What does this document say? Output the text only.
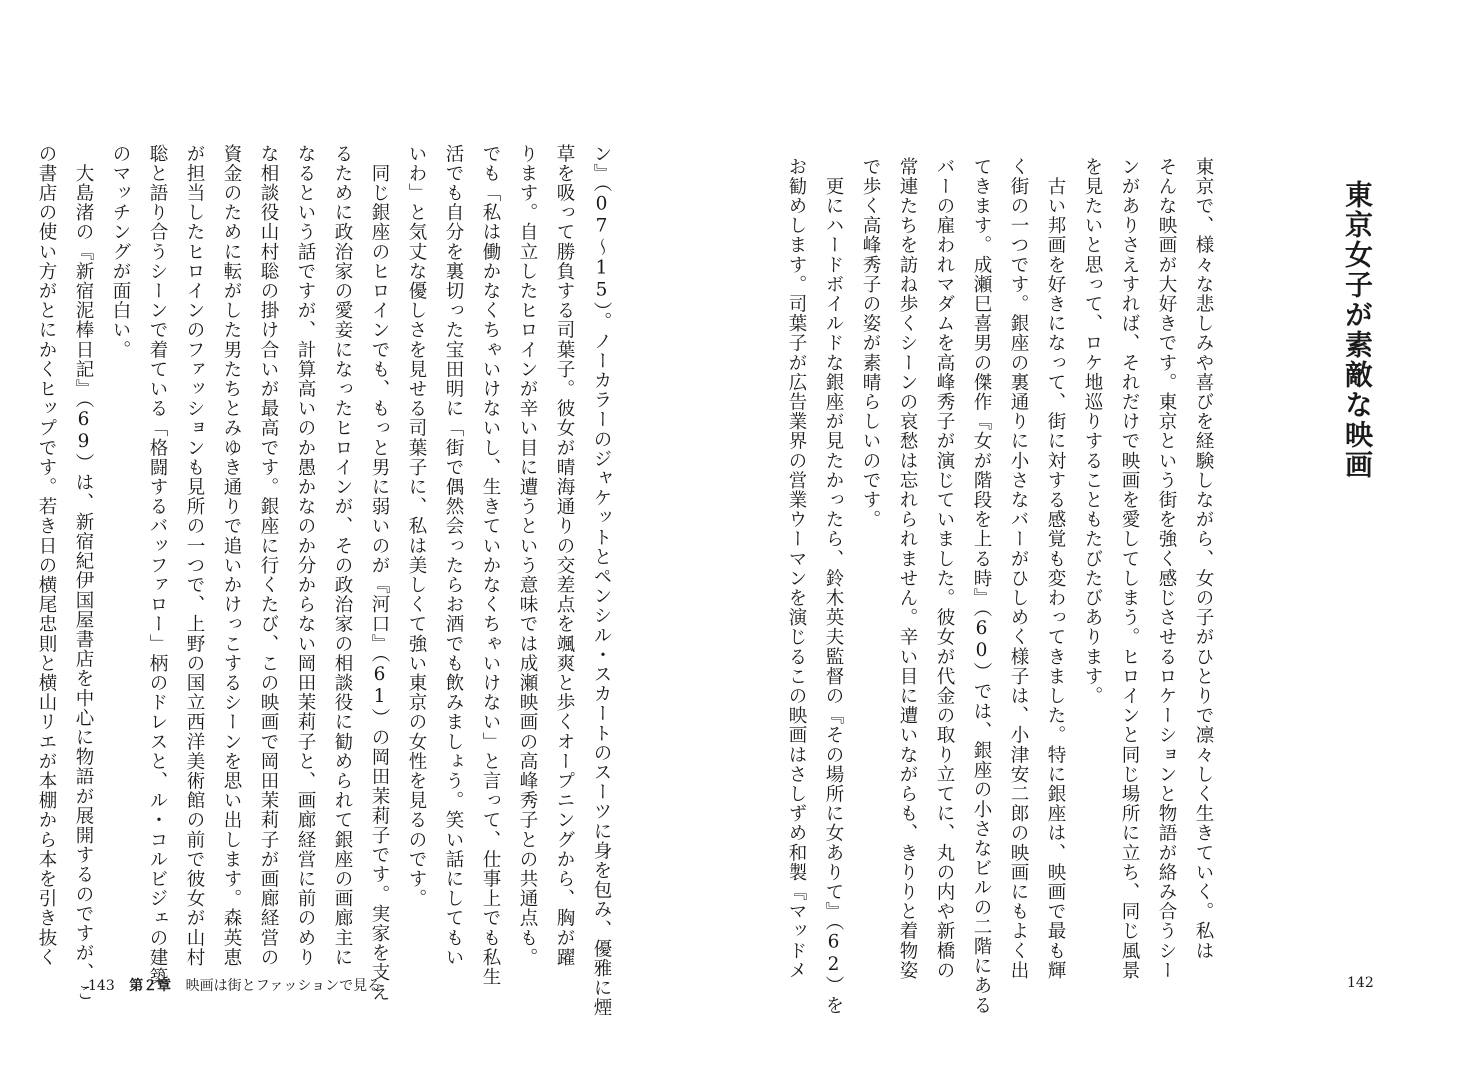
東京女子が素敵な映画
東京で、様々な悲しみや喜びを経験しながら、女の子がひとりで凛々しく生きていく。私は
そんな映画が大好きです。東京という街を強く感じさせるロケーションと物語が絡み合うシー
ンがありさえすれば、それだけで映画を愛してしまう。ヒロインと同じ場所に立ち、同じ風景
を見たいと思って、ロケ地巡りすることもたびたびあります。
　古い邦画を好きになって、街に対する感覚も変わってきました。特に銀座は、映画で最も輝
く街の一つです。銀座の裏通りに小さなバーがひしめく様子は、小津安二郎の映画にもよく出
てきます。成瀬巳喜男の傑作『女が階段を上る時』（60）では、銀座の小さなビルの二階にある
バーの雇われマダムを高峰秀子が演じていました。彼女が代金の取り立てに、丸の内や新橋の
常連たちを訪ね歩くシーンの哀愁は忘れられません。辛い目に遭いながらも、きりりと着物姿
で歩く高峰秀子の姿が素晴らしいのです。
　更にハードボイルドな銀座が見たかったら、鈴木英夫監督の『その場所に女ありて』（62）を
お勧めします。司葉子が広告業界の営業ウーマンを演じるこの映画はさしずめ和製『マッドメ
142
ン』（07〜15）。ノーカラーのジャケットとペンシル・スカートのスーツに身を包み、優雅に煙
草を吸って勝負する司葉子。彼女が晴海通りの交差点を颯爽と歩くオープニングから、胸が躍
ります。自立したヒロインが辛い目に遭うという意味では成瀬映画の高峰秀子との共通点も。
でも「私は働かなくちゃいけないし、生きていかなくちゃいけない」と言って、仕事上でも私生
活でも自分を裏切った宝田明に「街で偶然会ったらお酒でも飲みましょう。笑い話にしてもい
いわ」と気丈な優しさを見せる司葉子に、私は美しくて強い東京の女性を見るのです。
　同じ銀座のヒロインでも、もっと男に弱いのが『河口』（61）の岡田茉莉子です。実家を支え
るために政治家の愛妾になったヒロインが、その政治家の相談役に勧められて銀座の画廊主に
なるという話ですが、計算高いのか愚かなのか分からない岡田茉莉子と、画廊経営に前のめり
な相談役山村聡の掛け合いが最高です。銀座に行くたび、この映画で岡田茉莉子が画廊経営の
資金のために転がした男たちとみゆき通りで追いかけっこするシーンを思い出します。森英恵
が担当したヒロインのファッションも見所の一つで、上野の国立西洋美術館の前で彼女が山村
聡と語り合うシーンで着ている「格闘するバッファロー」柄のドレスと、ル・コルビジェの建築
のマッチングが面白い。
　大島渚の『新宿泥棒日記』（69）は、新宿紀伊国屋書店を中心に物語が展開するのですが、こ
の書店の使い方がとにかくヒップです。若き日の横尾忠則と横山リエが本棚から本を引き抜く
143 第２章 映画は街とファッションで見る
